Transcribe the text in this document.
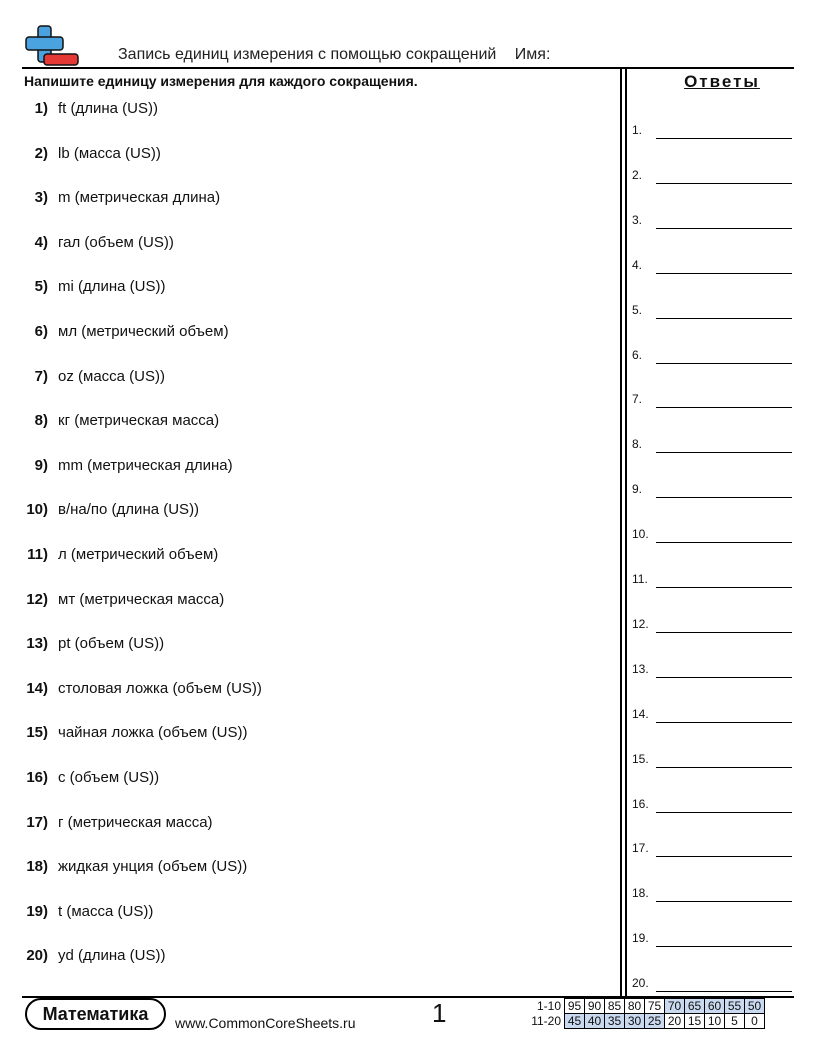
Запись единиц измерения с помощью сокращений Имя:
Напишите единицу измерения для каждого сокращения.	Ответы
1) ft (длина (US))
2) lb (масса (US))
3) m (метрическая длина)
4) гал (объем (US))
5) mi (длина (US))
6) мл (метрический объем)
7) oz (масса (US))
8) кг (метрическая масса)
9) mm (метрическая длина)
10) в/на/по (длина (US))
11) л (метрический объем)
12) мт (метрическая масса)
13) pt (объем (US))
14) столовая ложка (объем (US))
15) чайная ложка (объем (US))
16) c (объем (US))
17) г (метрическая масса)
18) жидкая унция (объем (US))
19) t (масса (US))
20) yd (длина (US))
1.
2.
3.
4.
5.
6.
7.
8.
9.
10.
11.
12.
13.
14.
15.
16.
17.
18.
19.
20.
Математика	www.CommonCoreSheets.ru	1	1-10	95	90	85	80	75	70	65	60	55	50
11-20	45	40	35	30	25	20	15	10	5	0
